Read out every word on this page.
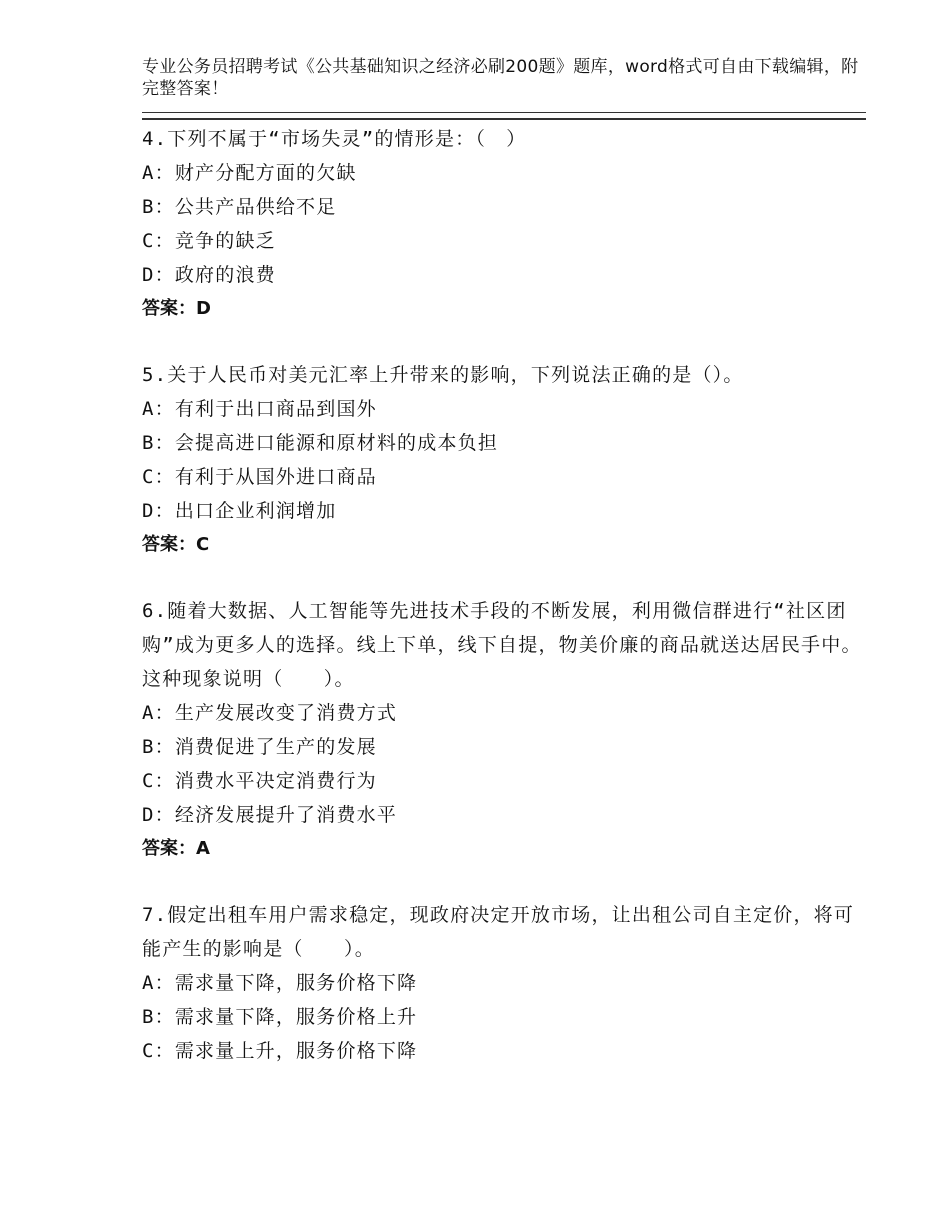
专业公务员招聘考试《公共基础知识之经济必刷200题》题库，word格式可自由下载编辑，附完整答案！

4.下列不属于“市场失灵”的情形是：（　）

A：财产分配方面的欠缺

B：公共产品供给不足

C：竞争的缺乏

D：政府的浪费

答案：D

5.关于人民币对美元汇率上升带来的影响，下列说法正确的是（）。

A：有利于出口商品到国外

B：会提高进口能源和原材料的成本负担

C：有利于从国外进口商品

D：出口企业利润增加

答案：C

6.随着大数据、人工智能等先进技术手段的不断发展，利用微信群进行“社区团购”成为更多人的选择。线上下单，线下自提，物美价廉的商品就送达居民手中。这种现象说明（　　）。

A：生产发展改变了消费方式

B：消费促进了生产的发展

C：消费水平决定消费行为

D：经济发展提升了消费水平

答案：A

7.假定出租车用户需求稳定，现政府决定开放市场，让出租公司自主定价，将可能产生的影响是（　　）。

A：需求量下降，服务价格下降

B：需求量下降，服务价格上升

C：需求量上升，服务价格下降
